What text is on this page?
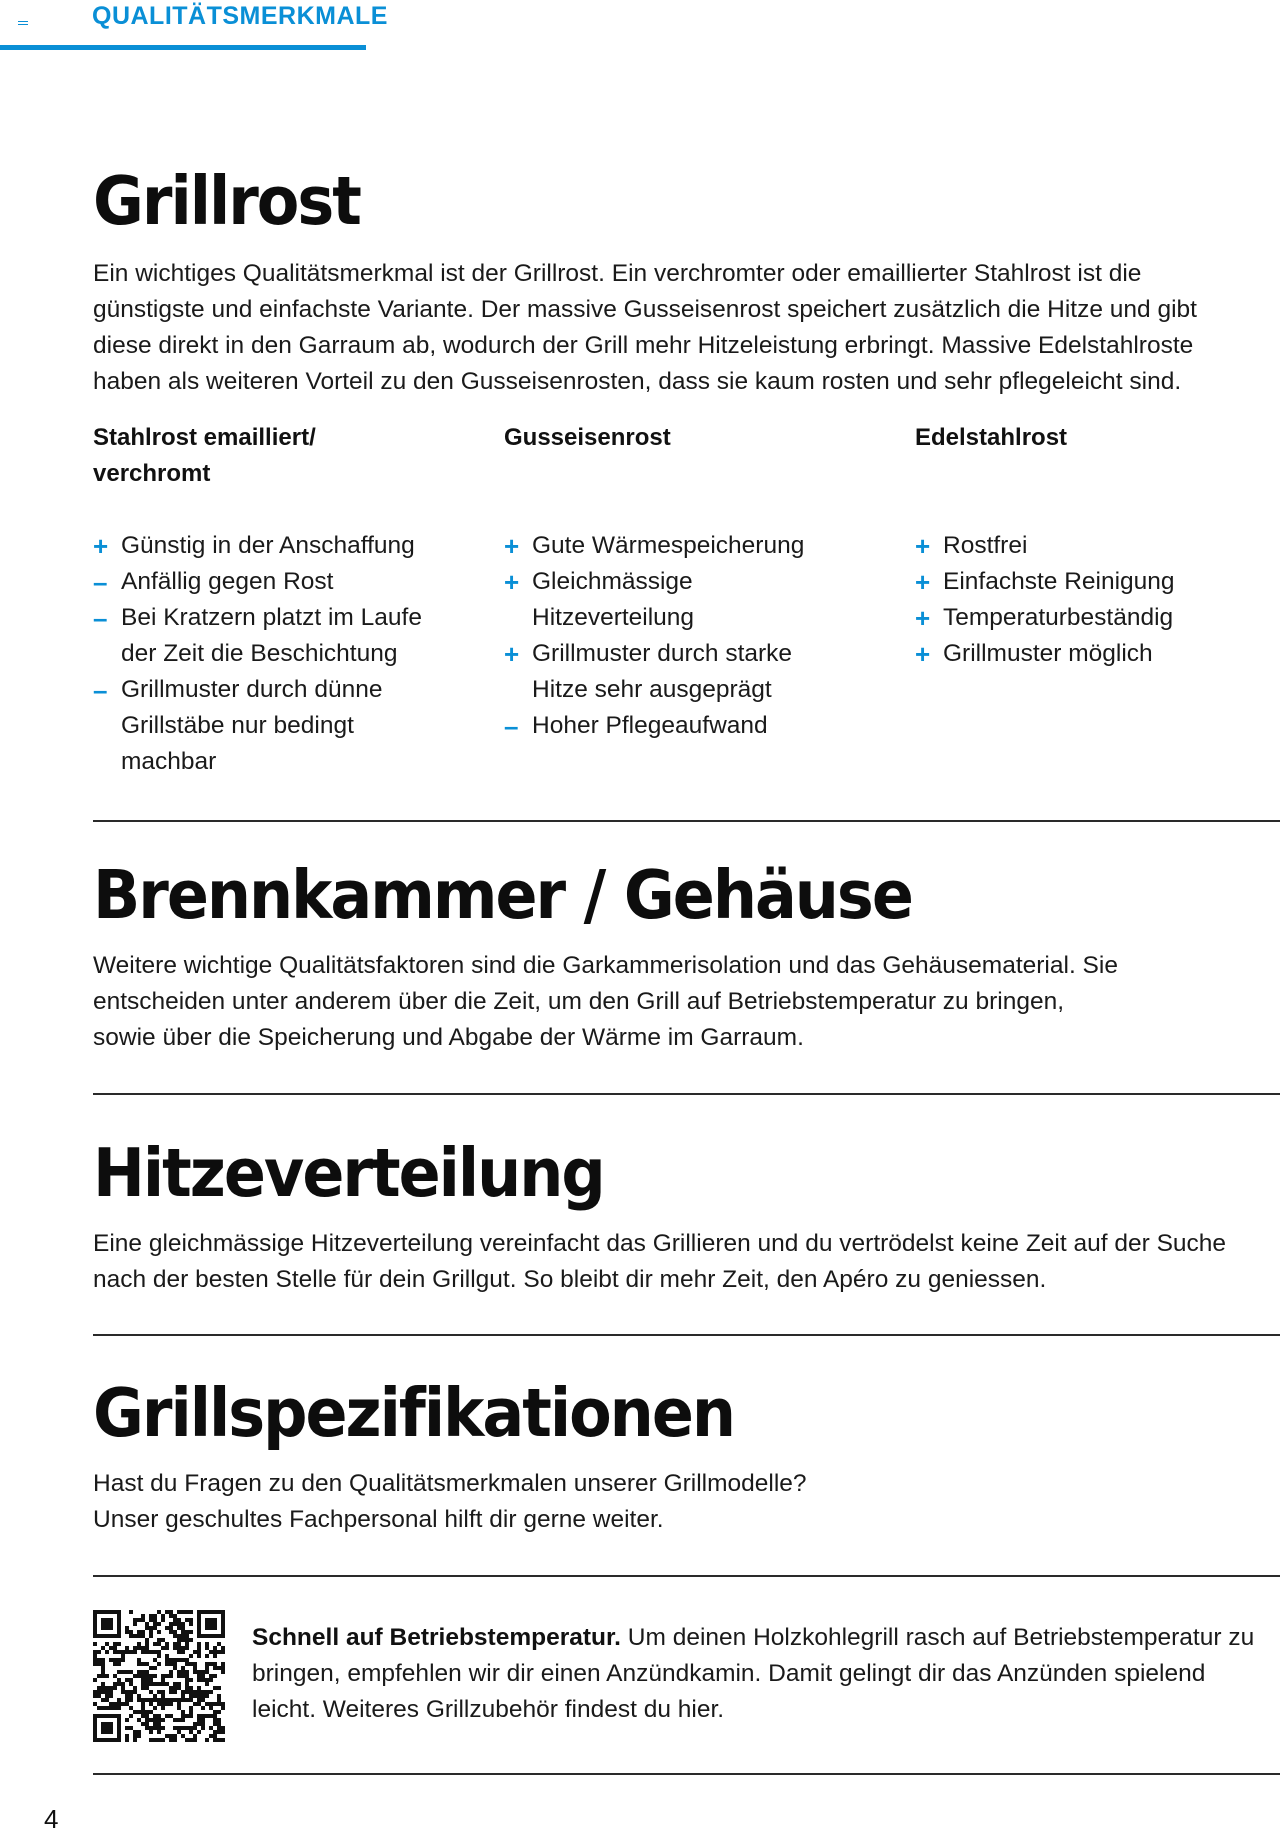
QUALITÄTSMERKMALE
Grillrost

Ein wichtiges Qualitätsmerkmal ist der Grillrost. Ein verchromter oder emaillierter Stahlrost ist die günstigste und einfachste Variante. Der massive Gusseisenrost speichert zusätzlich die Hitze und gibt diese direkt in den Garraum ab, wodurch der Grill mehr Hitzeleistung erbringt. Massive Edelstahlroste haben als weiteren Vorteil zu den Gusseisenrosten, dass sie kaum rosten und sehr pflegeleicht sind.

Stahlrost emailliert/ verchromt
+ Günstig in der Anschaffung
– Anfällig gegen Rost
– Bei Kratzern platzt im Laufe der Zeit die Beschichtung
– Grillmuster durch dünne Grillstäbe nur bedingt machbar
Gusseisenrost
+ Gute Wärmespeicherung
+ Gleichmässige Hitzeverteilung
+ Grillmuster durch starke Hitze sehr ausgeprägt
– Hoher Pflegeaufwand
Edelstahlrost
+ Rostfrei
+ Einfachste Reinigung
+ Temperaturbeständig
+ Grillmuster möglich
Brennkammer / Gehäuse

Weitere wichtige Qualitätsfaktoren sind die Garkammerisolation und das Gehäusematerial. Sie entscheiden unter anderem über die Zeit, um den Grill auf Betriebstemperatur zu bringen, sowie über die Speicherung und Abgabe der Wärme im Garraum.

Hitzeverteilung

Eine gleichmässige Hitzeverteilung vereinfacht das Grillieren und du vertrödelst keine Zeit auf der Suche nach der besten Stelle für dein Grillgut. So bleibt dir mehr Zeit, den Apéro zu geniessen.

Grillspezifikationen

Hast du Fragen zu den Qualitätsmerkmalen unserer Grillmodelle?

Unser geschultes Fachpersonal hilft dir gerne weiter.

Schnell auf Betriebstemperatur. Um deinen Holzkohlegrill rasch auf Betriebstemperatur zu bringen, empfehlen wir dir einen Anzündkamin. Damit gelingt dir das Anzünden spielend leicht. Weiteres Grillzubehör findest du hier.
4
